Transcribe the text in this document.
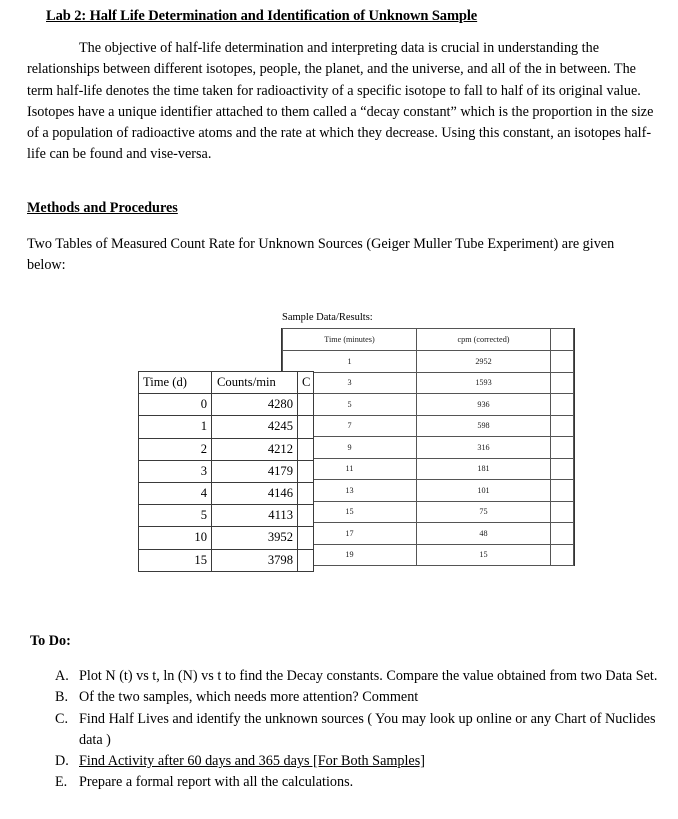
Lab 2: Half Life Determination and Identification of Unknown Sample
The objective of half-life determination and interpreting data is crucial in understanding the relationships between different isotopes, people, the planet, and the universe, and all of the in between. The term half-life denotes the time taken for radioactivity of a specific isotope to fall to half of its original value. Isotopes have a unique identifier attached to them called a “decay constant” which is the proportion in the size of a population of radioactive atoms and the rate at which they decrease. Using this constant, an isotopes half-life can be found and vise-versa.
Methods and Procedures
Two Tables of Measured Count Rate for Unknown Sources (Geiger Muller Tube Experiment) are given below:
Sample Data/Results:
Time (minutes)	cpm (corrected)	
1	2952	
3	1593	
5	936	
7	598	
9	316	
11	181	
13	101	
15	75	
17	48	
19	15	
Time (d)	Counts/min	C
0	4280	
1	4245	
2	4212	
3	4179	
4	4146	
5	4113	
10	3952	
15	3798	
To Do:
A. Plot N (t) vs t, ln (N) vs t to find the Decay constants. Compare the value obtained from two Data Set.
B. Of the two samples, which needs more attention? Comment
C. Find Half Lives and identify the unknown sources ( You may look up online or any Chart of Nuclides data )
D. Find Activity after 60 days and 365 days [For Both Samples]
E. Prepare a formal report with all the calculations.
